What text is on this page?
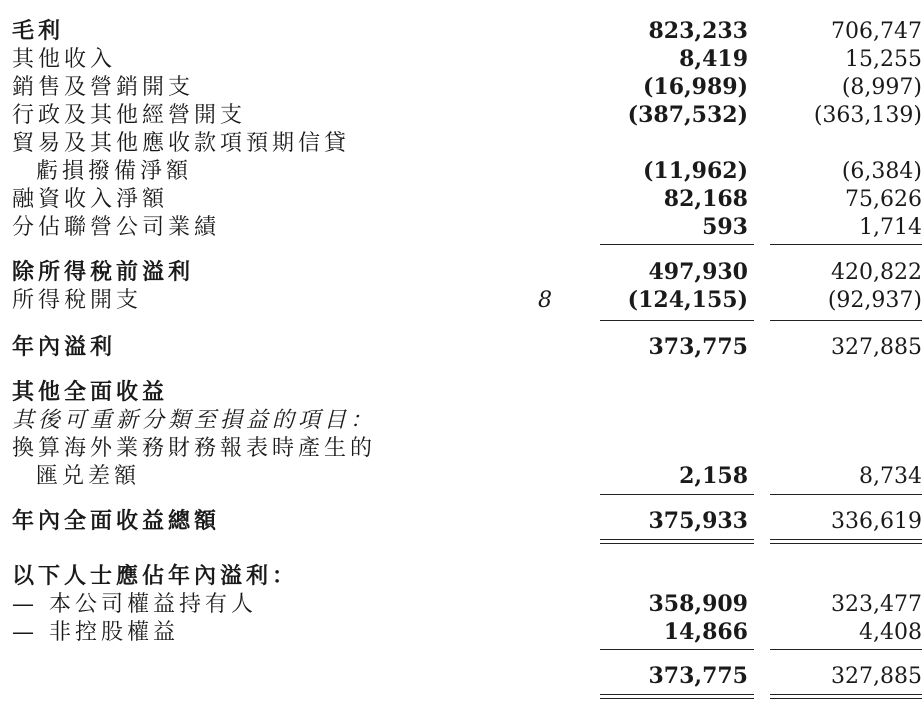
毛利	823,233	706,747
其他收入	8,419	15,255
銷售及營銷開支	(16,989)	(8,997)
行政及其他經營開支	(387,532)	(363,139)
貿易及其他應收款項預期信貸
虧損撥備淨額	(11,962)	(6,384)
融資收入淨額	82,168	75,626
分佔聯營公司業績	593	1,714
除所得稅前溢利	497,930	420,822
所得稅開支	8	(124,155)	(92,937)
年內溢利	373,775	327,885
其他全面收益
其後可重新分類至損益的項目：
換算海外業務財務報表時產生的
匯兑差額	2,158	8,734
年內全面收益總額	375,933	336,619
以下人士應佔年內溢利：
— 本公司權益持有人	358,909	323,477
— 非控股權益	14,866	4,408
373,775	327,885
